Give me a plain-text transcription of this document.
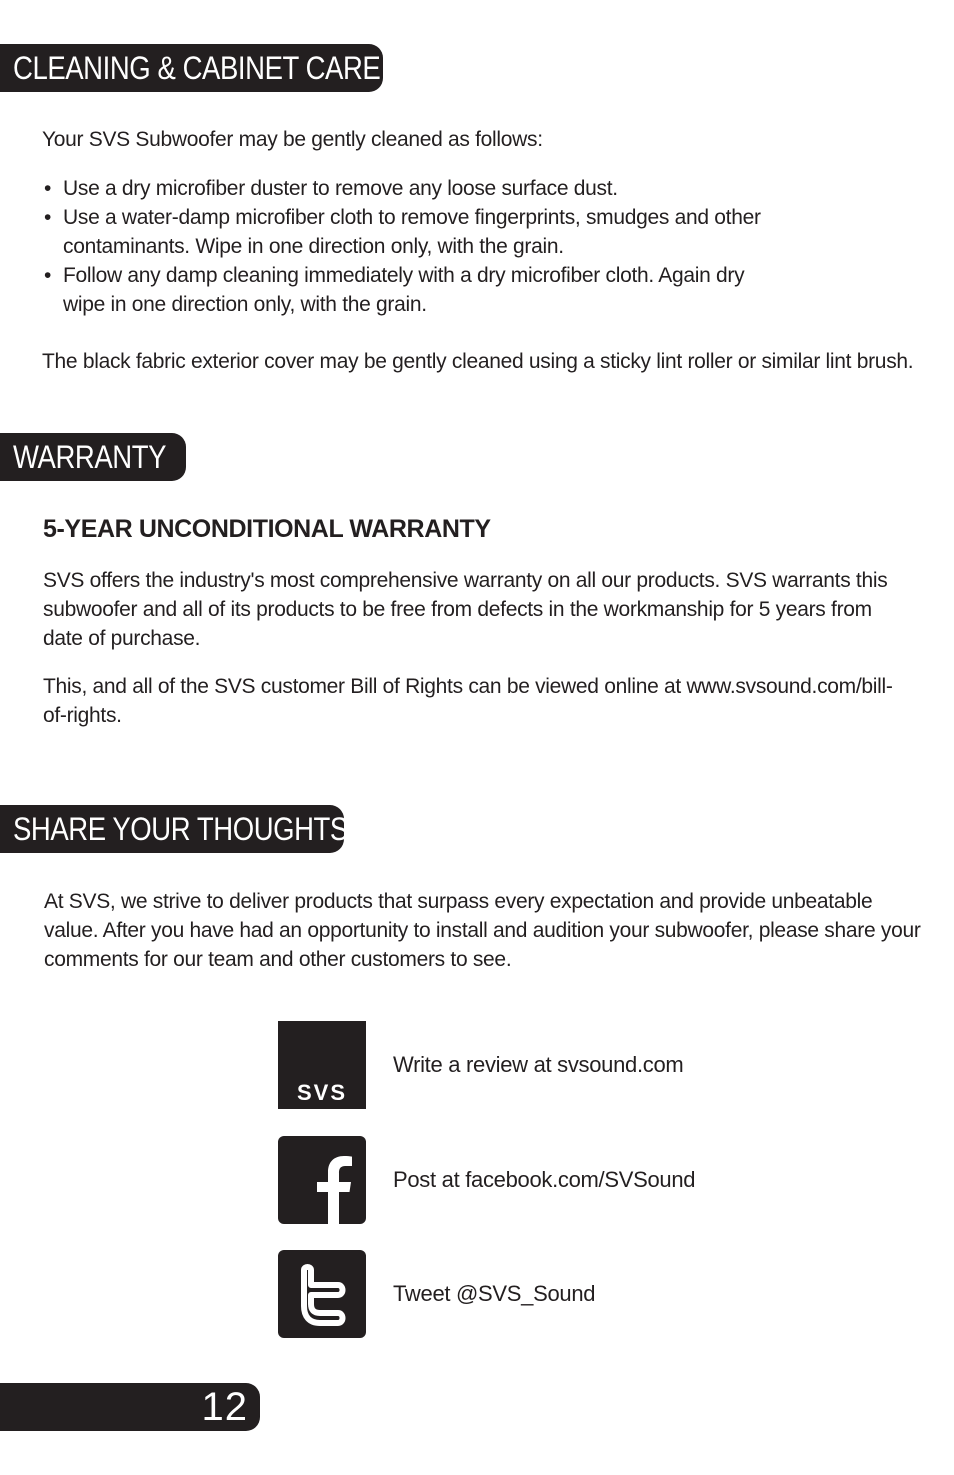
CLEANING & CABINET CARE
Your SVS Subwoofer may be gently cleaned as follows:
• Use a dry microfiber duster to remove any loose surface dust.
• Use a water-damp microfiber cloth to remove fingerprints, smudges and other contaminants. Wipe in one direction only, with the grain.
• Follow any damp cleaning immediately with a dry microfiber cloth. Again dry wipe in one direction only, with the grain.
The black fabric exterior cover may be gently cleaned using a sticky lint roller or similar lint brush.
WARRANTY
5-YEAR UNCONDITIONAL WARRANTY
SVS offers the industry's most comprehensive warranty on all our products. SVS warrants this subwoofer and all of its products to be free from defects in the workmanship for 5 years from date of purchase.
This, and all of the SVS customer Bill of Rights can be viewed online at www.svsound.com/bill-of-rights.
SHARE YOUR THOUGHTS
At SVS, we strive to deliver products that surpass every expectation and provide unbeatable value. After you have had an opportunity to install and audition your subwoofer, please share your comments for our team and other customers to see.
SVS
Write a review at svsound.com
Post at facebook.com/SVSound
Tweet @SVS_Sound
12
